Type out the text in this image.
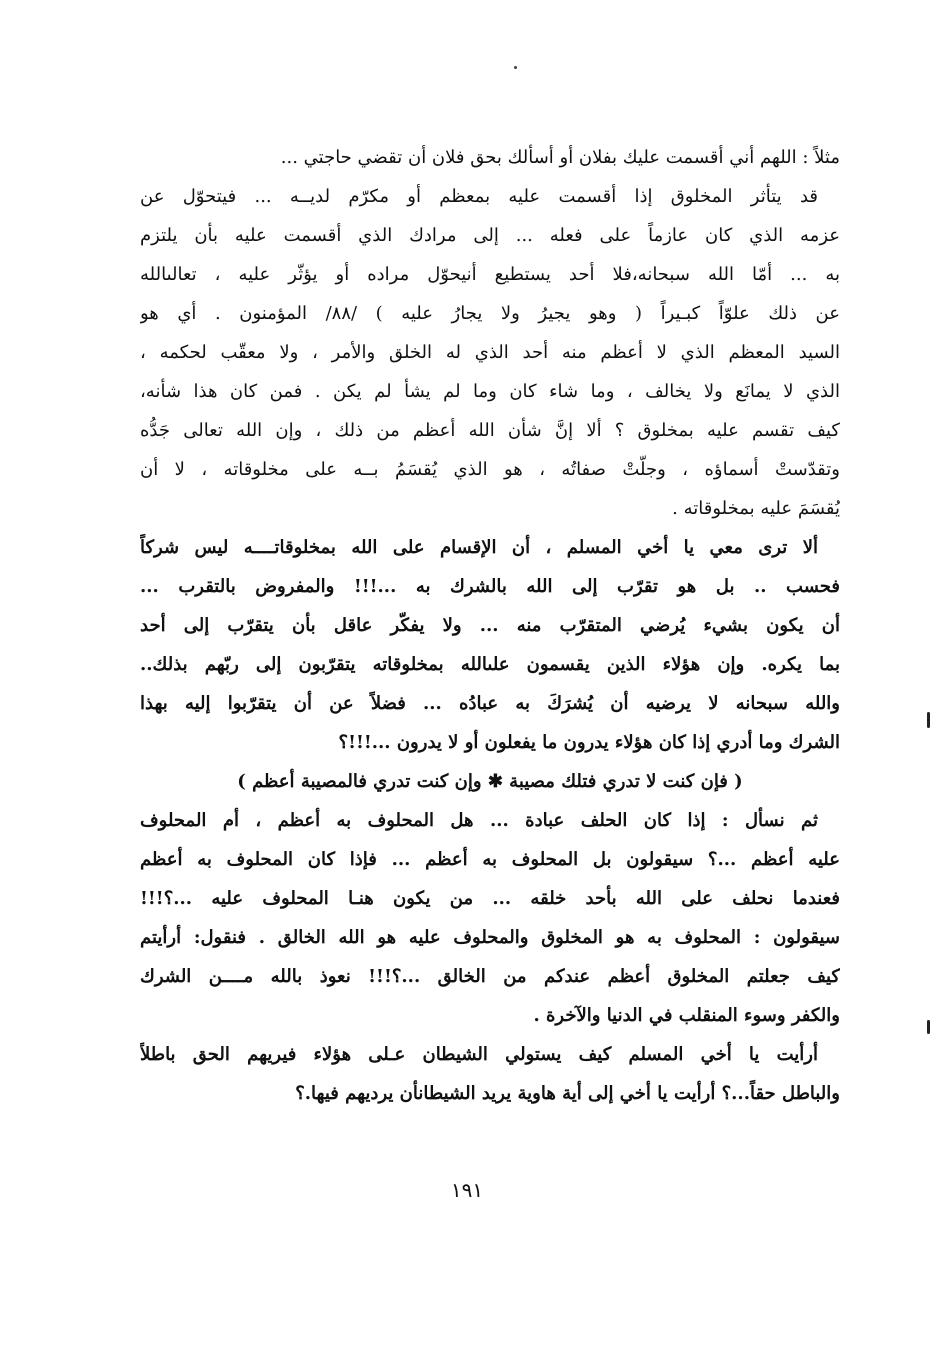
مثلاً : اللهم أني أقسمت عليك بفلان أو أسألك بحق فلان أن تقضي حاجتي ...
قد يتأثر المخلوق إذا أقسمت عليه بمعظم أو مكرّم لديــه ... فيتحوّل عن
عزمه الذي كان عازماً على فعله ... إلى مرادك الذي أقسمت عليه بأن يلتزم
به ... أمّا الله سبحانه،فلا أحد يستطيع أنيحوّل مراده أو يؤثّر عليه ، تعالىالله
عن ذلك علوّاً كبـيراً ( وهو يجيرُ ولا يجارُ عليه ) /٨٨/ المؤمنون . أي هو
السيد المعظم الذي لا أعظم منه أحد الذي له الخلق والأمر ، ولا معقّب لحكمه ،
الذي لا يمانَع ولا يخالف ، وما شاء كان وما لم يشأ لم يكن . فمن كان هذا شأنه،
كيف تقسم عليه بمخلوق ؟ ألا إنَّ شأن الله أعظم من ذلك ، وإن الله تعالى جَدُّه
وتقدّستْ أسماؤه ، وجلّتْ صفاتُه ، هو الذي يُقسَمُ بــه على مخلوقاته ، لا أن
يُقسَمَ عليه بمخلوقاته .
ألا ترى معي يا أخي المسلم ، أن الإقسام على الله بمخلوقاتــــه ليس شركاً
فحسب .. بل هو تقرّب إلى الله بالشرك به ...!!! والمفروض بالتقرب ...
أن يكون بشيء يُرضي المتقرّب منه ... ولا يفكّر عاقل بأن يتقرّب إلى أحد
بما يكره. وإن هؤلاء الذين يقسمون علىالله بمخلوقاته يتقرّبون إلى ربّهم بذلك..
والله سبحانه لا يرضيه أن يُشرَكَ به عبادُه ... فضلاً عن أن يتقرّبوا إليه بهذا
الشرك وما أدري إذا كان هؤلاء يدرون ما يفعلون أو لا يدرون ...!!!؟
( فإن كنت لا تدري فتلك مصيبة ✱ وإن كنت تدري فالمصيبة أعظم )
ثم نسأل : إذا كان الحلف عبادة ... هل المحلوف به أعظم ، أم المحلوف
عليه أعظم ...؟ سيقولون بل المحلوف به أعظم ... فإذا كان المحلوف به أعظم
فعندما نحلف على الله بأحد خلقه ... من يكون هنـا المحلوف عليه ...؟!!!
سيقولون : المحلوف به هو المخلوق والمحلوف عليه هو الله الخالق . فنقول: أرأيتم
كيف جعلتم المخلوق أعظم عندكم من الخالق ...؟!!! نعوذ بالله مــــن الشرك
والكفر وسوء المنقلب في الدنيا والآخرة .
أرأيت يا أخي المسلم كيف يستولي الشيطان عـلى هؤلاء فيريهم الحق باطلاً
والباطل حقاً...؟ أرأيت يا أخي إلى أية هاوية يريد الشيطانأن يرديهم فيها.؟
١٩١
